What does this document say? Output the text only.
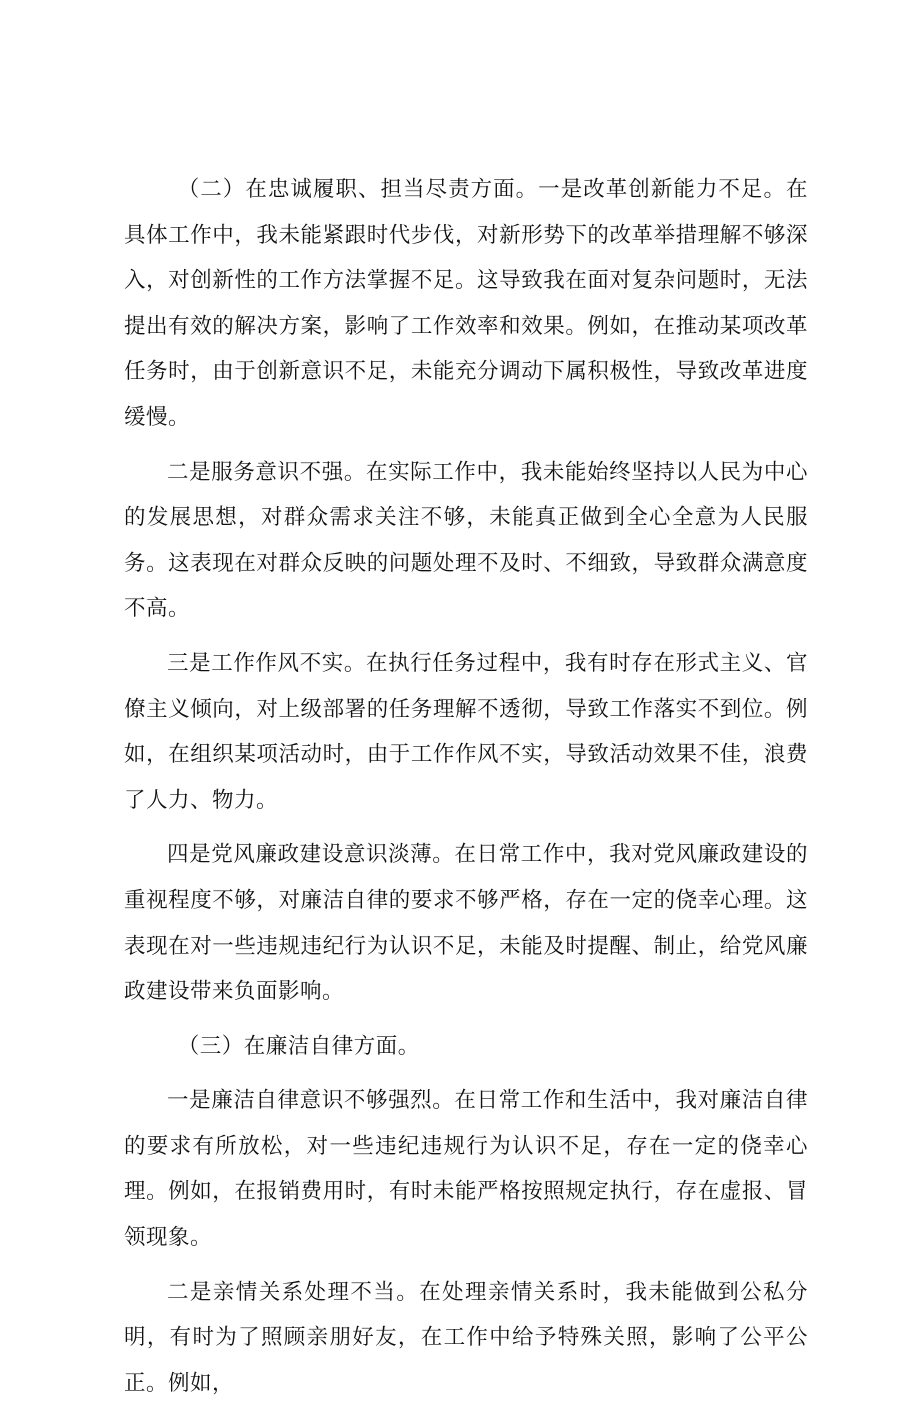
（二）在忠诚履职、担当尽责方面。一是改革创新能力不足。在具体工作中，我未能紧跟时代步伐，对新形势下的改革举措理解不够深入，对创新性的工作方法掌握不足。这导致我在面对复杂问题时，无法提出有效的解决方案，影响了工作效率和效果。例如，在推动某项改革任务时，由于创新意识不足，未能充分调动下属积极性，导致改革进度缓慢。

二是服务意识不强。在实际工作中，我未能始终坚持以人民为中心的发展思想，对群众需求关注不够，未能真正做到全心全意为人民服务。这表现在对群众反映的问题处理不及时、不细致，导致群众满意度不高。

三是工作作风不实。在执行任务过程中，我有时存在形式主义、官僚主义倾向，对上级部署的任务理解不透彻，导致工作落实不到位。例如，在组织某项活动时，由于工作作风不实，导致活动效果不佳，浪费了人力、物力。

四是党风廉政建设意识淡薄。在日常工作中，我对党风廉政建设的重视程度不够，对廉洁自律的要求不够严格，存在一定的侥幸心理。这表现在对一些违规违纪行为认识不足，未能及时提醒、制止，给党风廉政建设带来负面影响。

（三）在廉洁自律方面。

一是廉洁自律意识不够强烈。在日常工作和生活中，我对廉洁自律的要求有所放松，对一些违纪违规行为认识不足，存在一定的侥幸心理。例如，在报销费用时，有时未能严格按照规定执行，存在虚报、冒领现象。

二是亲情关系处理不当。在处理亲情关系时，我未能做到公私分明，有时为了照顾亲朋好友，在工作中给予特殊关照，影响了公平公正。例如，
